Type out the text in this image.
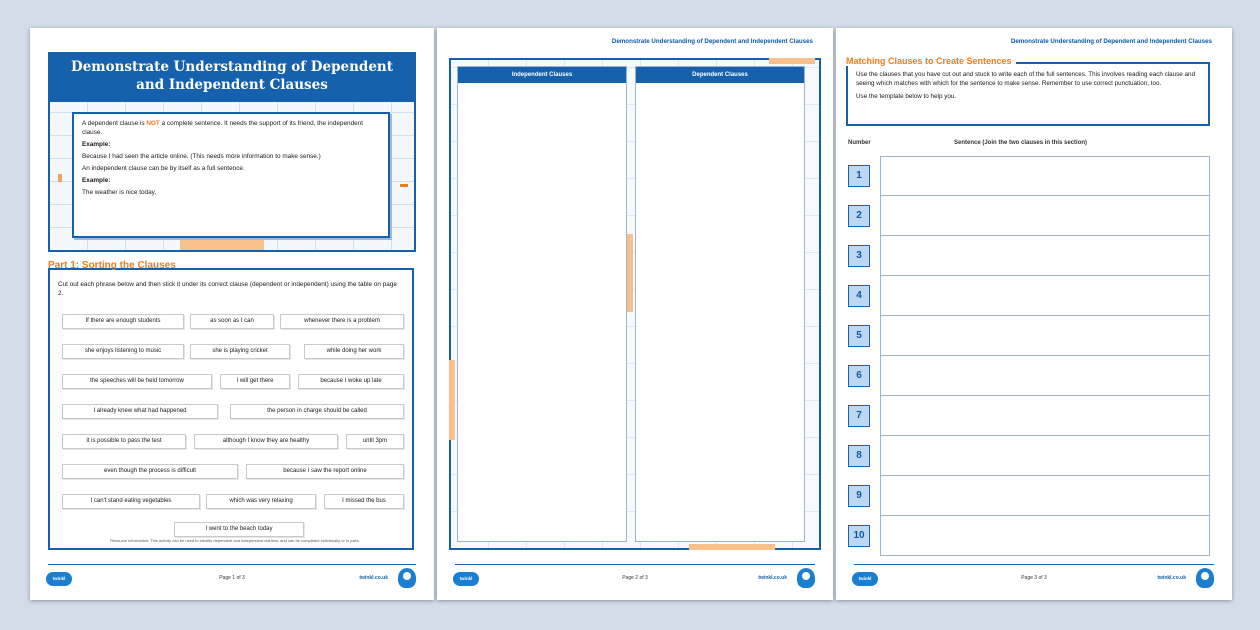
Demonstrate Understanding of Dependent
and Independent Clauses

A dependent clause is NOT a complete sentence. It needs the support of its friend, the independent clause.

Example:

Because I had seen the article online. (This needs more information to make sense.)

An independent clause can be by itself as a full sentence.

Example:

The weather is nice today.

Cut out each phrase below and then stick it under its correct clause (dependent or independent) using the table on page 2.
If there are enough students	as soon as I can	whenever there is a problem
she enjoys listening to music	she is playing cricket	while doing her work
the speeches will be held tomorrow	I will get there	because I woke up late
I already knew what had happened	the person in charge should be called
it is possible to pass the test	although I know they are healthy	until 3pm
even though the process is difficult	because I saw the report online
I can't stand eating vegetables	which was very relaxing	I missed the bus
I went to the beach today
Part 1: Sorting the Clauses
Resource information: This activity can be used to identify dependent and independent clauses, and can be completed individually or in pairs.
twinkl	Page 1 of 3	twinkl.co.uk
Demonstrate Understanding of Dependent and Independent Clauses
Independent Clauses	Dependent Clauses
twinkl	Page 2 of 3	twinkl.co.uk
Demonstrate Understanding of Dependent and Independent Clauses

Use the clauses that you have cut out and stuck to write each of the full sentences. This involves reading each clause and seeing which matches with which for the sentence to make sense. Remember to use correct punctuation, too.

Use the template below to help you.

Matching Clauses to Create Sentences
Number	Sentence (Join the two clauses in this section)
1
2
3
4
5
6
7
8
9
10
twinkl	Page 3 of 3	twinkl.co.uk
